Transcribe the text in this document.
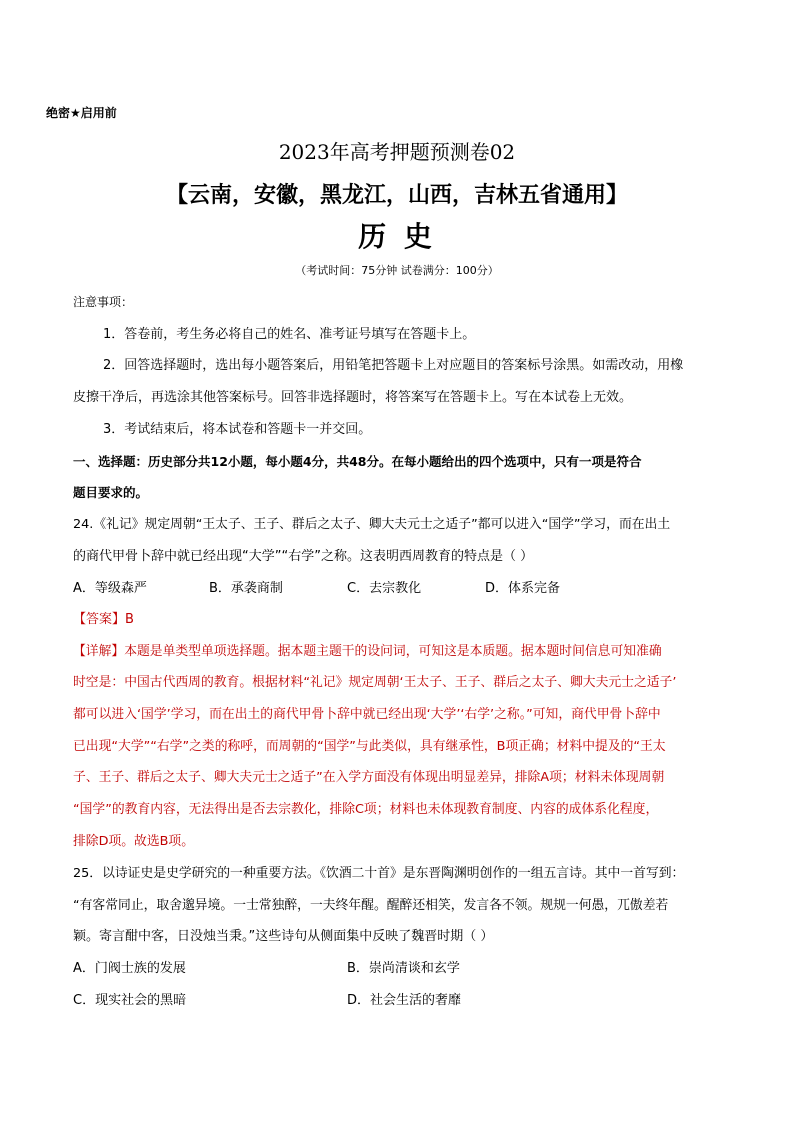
绝密★启用前
2023年高考押题预测卷02
【云南，安徽，黑龙江，山西，吉林五省通用】
历 史
（考试时间：75分钟 试卷满分：100分）
注意事项：
1．答卷前，考生务必将自己的姓名、准考证号填写在答题卡上。
2．回答选择题时，选出每小题答案后，用铅笔把答题卡上对应题目的答案标号涂黑。如需改动，用橡
皮擦干净后，再选涂其他答案标号。回答非选择题时，将答案写在答题卡上。写在本试卷上无效。
3．考试结束后，将本试卷和答题卡一并交回。
一、选择题：历史部分共12小题，每小题4分，共48分。在每小题给出的四个选项中，只有一项是符合
题目要求的。
24.《礼记》规定周朝“王太子、王子、群后之太子、卿大夫元士之适子”都可以进入“国学”学习，而在出土
的商代甲骨卜辞中就已经出现“大学”“右学”之称。这表明西周教育的特点是（ ）
A．等级森严	B．承袭商制	C．去宗教化	D．体系完备
【答案】B
【详解】本题是单类型单项选择题。据本题主题干的设问词，可知这是本质题。据本题时间信息可知准确
时空是：中国古代西周的教育。根据材料“礼记》规定周朝‘王太子、王子、群后之太子、卿大夫元士之适子’
都可以进入‘国学’学习，而在出土的商代甲骨卜辞中就已经出现‘大学’‘右学’之称。”可知，商代甲骨卜辞中
已出现“大学”“右学”之类的称呼，而周朝的“国学”与此类似，具有继承性，B项正确；材料中提及的“王太
子、王子、群后之太子、卿大夫元士之适子”在入学方面没有体现出明显差异，排除A项；材料未体现周朝
“国学”的教育内容，无法得出是否去宗教化，排除C项；材料也未体现教育制度、内容的成体系化程度，
排除D项。故选B项。
25．以诗证史是史学研究的一种重要方法。《饮酒二十首》是东晋陶渊明创作的一组五言诗。其中一首写到：
“有客常同止，取舍邈异境。一士常独醉，一夫终年醒。醒醉还相笑，发言各不领。规规一何愚，兀傲差若
颖。寄言酣中客，日没烛当秉。”这些诗句从侧面集中反映了魏晋时期（ ）
A．门阀士族的发展	B．崇尚清谈和玄学
C．现实社会的黑暗	D．社会生活的奢靡
